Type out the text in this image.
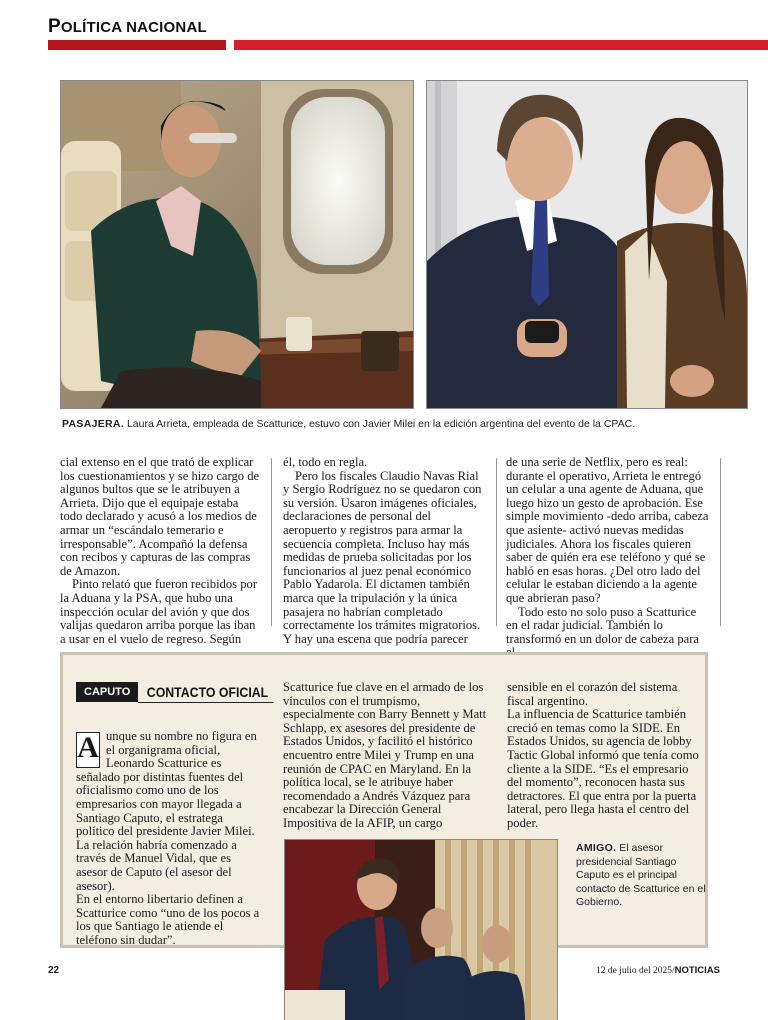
POLÍTICA NACIONAL
PASAJERA. Laura Arrieta, empleada de Scatturice, estuvo con Javier Milei en la edición argentina del evento de la CPAC.

cial extenso en el que trató de explicar los cuestionamientos y se hizo cargo de algunos bultos que se le atribuyen a Arrieta. Dijo que el equipaje estaba todo declarado y acusó a los medios de armar un “escándalo temerario e irresponsable”. Acompañó la defensa con recibos y capturas de las compras de Amazon.

Pinto relató que fueron recibidos por la Aduana y la PSA, que hubo una inspección ocular del avión y que dos valijas quedaron arriba porque las iban a usar en el vuelo de regreso. Según

él, todo en regla.

Pero los fiscales Claudio Navas Rial y Sergio Rodríguez no se quedaron con su versión. Usaron imágenes oficiales, declaraciones de personal del aeropuerto y registros para armar la secuencia completa. Incluso hay más medidas de prueba solicitadas por los funcionarios al juez penal económico Pablo Yadarola. El dictamen también marca que la tripulación y la única pasajera no habrían completado correctamente los trámites migratorios. Y hay una escena que podría parecer

de una serie de Netflix, pero es real: durante el operativo, Arrieta le entregó un celular a una agente de Aduana, que luego hizo un gesto de aprobación. Ese simple movimiento -dedo arriba, cabeza que asiente- activó nuevas medidas judiciales. Ahora los fiscales quieren saber de quién era ese teléfono y qué se habló en esas horas. ¿Del otro lado del celular le estaban diciendo a la agente que abrieran paso?

Todo esto no solo puso a Scatturice en el radar judicial. También lo transformó en un dolor de cabeza para

CAPUTO CONTACTO OFICIAL

A unque su nombre no figura en el organigrama oficial, Leonardo Scatturice es señalado por distintas fuentes del oficialismo como uno de los empresarios con mayor llegada a Santiago Caputo, el estratega político del presidente Javier Milei. La relación habría comenzado a través de Manuel Vidal, que es asesor de Caputo (el asesor del asesor).

En el entorno libertario definen a Scatturice como “uno de los pocos a los que Santiago le atiende el teléfono sin dudar”.

Scatturice fue clave en el armado de los vínculos con el trumpismo, especialmente con Barry Bennett y Matt Schlapp, ex asesores del presidente de Estados Unidos, y facilitó el histórico encuentro entre Milei y Trump en una reunión de CPAC en Maryland. En la política local, se le atribuye haber recomendado a Andrés Vázquez para encabezar la Dirección General Impositiva de la AFIP, un cargo

sensible en el corazón del sistema fiscal argentino.

La influencia de Scatturice también creció en temas como la SIDE. En Estados Unidos, su agencia de lobby Tactic Global informó que tenía como cliente a la SIDE. “Es el empresario del momento”, reconocen hasta sus detractores. El que entra por la puerta lateral, pero llega hasta el centro del poder.

AMIGO. El asesor presidencial Santiago Caputo es el principal contacto de Scatturice en el Gobierno.
22	12 de julio del 2025/NOTICIAS
